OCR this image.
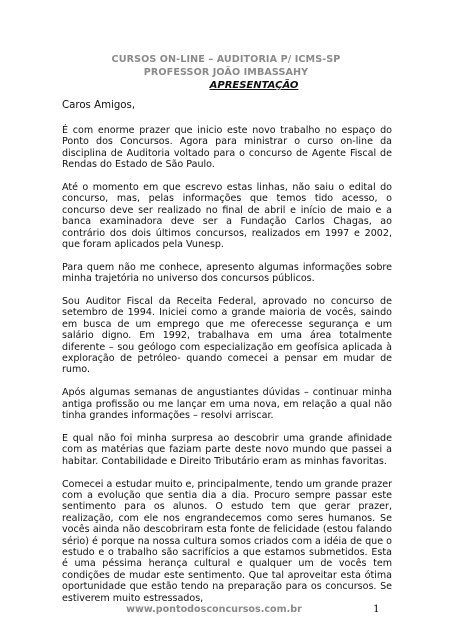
CURSOS ON-LINE – AUDITORIA P/ ICMS-SP
PROFESSOR JOÃO IMBASSAHY
APRESENTAÇÃO
Caros Amigos,

É com enorme prazer que inicio este novo trabalho no espaço do Ponto dos Concursos. Agora para ministrar o curso on-line da disciplina de Auditoria voltado para o concurso de Agente Fiscal de Rendas do Estado de São Paulo.

Até o momento em que escrevo estas linhas, não saiu o edital do concurso, mas, pelas informações que temos tido acesso, o concurso deve ser realizado no final de abril e início de maio e a banca examinadora deve ser a Fundação Carlos Chagas, ao contrário dos dois últimos concursos, realizados em 1997 e 2002, que foram aplicados pela Vunesp.

Para quem não me conhece, apresento algumas informações sobre minha trajetória no universo dos concursos públicos.

Sou Auditor Fiscal da Receita Federal, aprovado no concurso de setembro de 1994. Iniciei como a grande maioria de vocês, saindo em busca de um emprego que me oferecesse segurança e um salário digno. Em 1992, trabalhava em uma área totalmente diferente – sou geólogo com especialização em geofísica aplicada à exploração de petróleo- quando comecei a pensar em mudar de rumo.

Após algumas semanas de angustiantes dúvidas – continuar minha antiga profissão ou me lançar em uma nova, em relação a qual não tinha grandes informações – resolvi arriscar.

E qual não foi minha surpresa ao descobrir uma grande afinidade com as matérias que faziam parte deste novo mundo que passei a habitar. Contabilidade e Direito Tributário eram as minhas favoritas.

Comecei a estudar muito e, principalmente, tendo um grande prazer com a evolução que sentia dia a dia. Procuro sempre passar este sentimento para os alunos. O estudo tem que gerar prazer, realização, com ele nos engrandecemos como seres humanos. Se vocês ainda não descobriram esta fonte de felicidade (estou falando sério) é porque na nossa cultura somos criados com a idéia de que o estudo e o trabalho são sacrifícios a que estamos submetidos. Esta é uma péssima herança cultural e qualquer um de vocês tem condições de mudar este sentimento. Que tal aproveitar esta ótima oportunidade que estão tendo na preparação para os concursos. Se estiverem muito estressados,

www.pontodosconcursos.com.br	1
